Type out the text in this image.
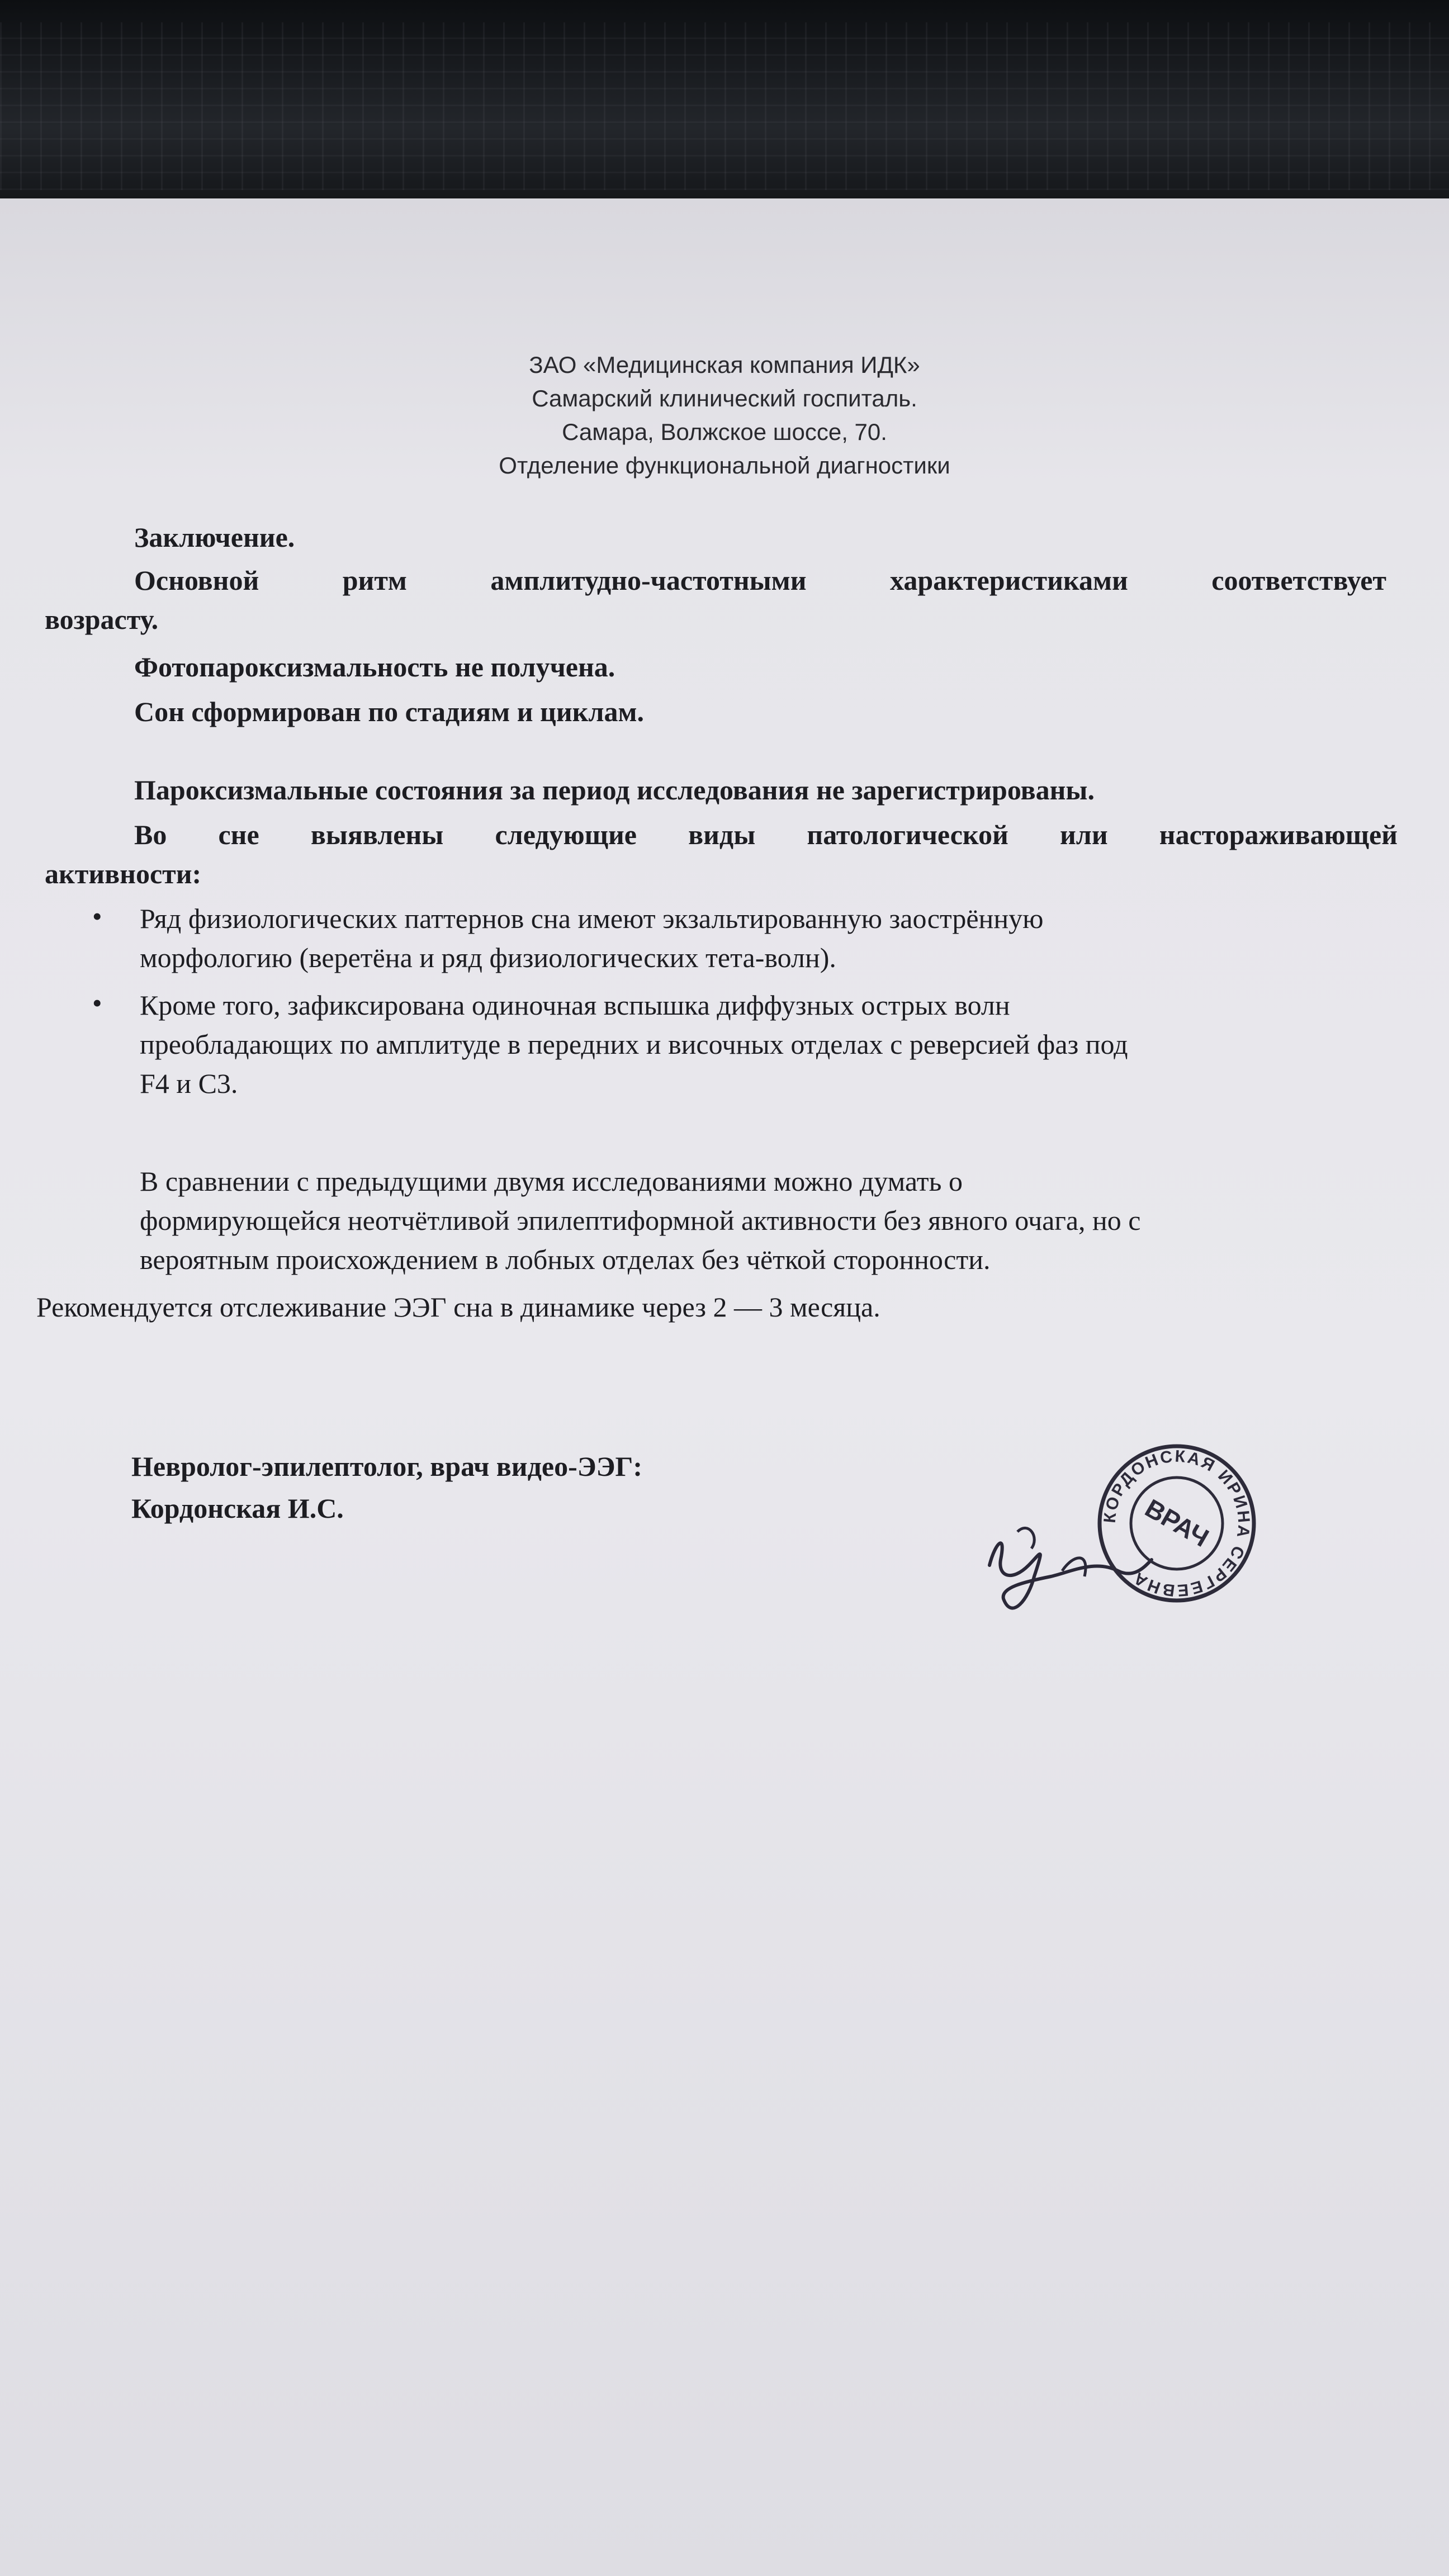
ЗАО «Медицинская компания ИДК»
Самарский клинический госпиталь.
Самара, Волжское шоссе, 70.
Отделение функциональной диагностики
Заключение.
Основной ритм амплитудно-частотными характеристиками соответствует
возрасту.
Фотопароксизмальность не получена.
Сон сформирован по стадиям и циклам.
Пароксизмальные состояния за период исследования не зарегистрированы.
Во сне выявлены следующие виды патологической или настораживающей
активности:
• Ряд физиологических паттернов сна имеют экзальтированную заострённую
морфологию (веретёна и ряд физиологических тета-волн).
• Кроме того, зафиксирована одиночная вспышка диффузных острых волн
преобладающих по амплитуде в передних и височных отделах с реверсией фаз под
F4 и C3.
В сравнении с предыдущими двумя исследованиями можно думать о
формирующейся неотчётливой эпилептиформной активности без явного очага, но с
вероятным происхождением в лобных отделах без чёткой сторонности.
Рекомендуется отслеживание ЭЭГ сна в динамике через 2 — 3 месяца.
Невролог-эпилептолог, врач видео-ЭЭГ:
Кордонская И.С.	КОРДОНСКАЯ ИРИНА СЕРГЕЕВНА
ВРАЧ
